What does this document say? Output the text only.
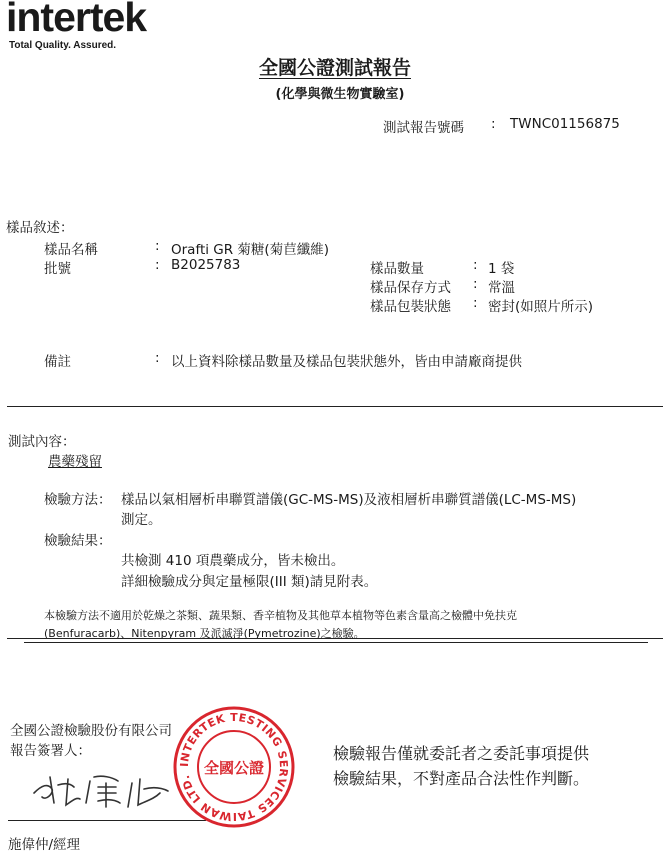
intertek
Total Quality. Assured.
全國公證測試報告
(化學與微生物實驗室)
測試報告號碼 : TWNC01156875
樣品敘述：
樣品名稱	: Orafti GR 菊糖(菊苣纖維)
批號	: B2025783	樣品數量	: 1 袋
樣品保存方式 : 常溫
樣品包裝狀態 : 密封(如照片所示)
備註	: 以上資料除樣品數量及樣品包裝狀態外，皆由申請廠商提供
測試內容：
農藥殘留
檢驗方法： 樣品以氣相層析串聯質譜儀(GC-MS-MS)及液相層析串聯質譜儀(LC-MS-MS)
測定。
檢驗結果：
共檢測 410 項農藥成分，皆未檢出。
詳細檢驗成分與定量極限(III 類)請見附表。
本檢驗方法不適用於乾燥之茶類、蔬果類、香辛植物及其他草本植物等色素含量高之檢體中免扶克
(Benfuracarb)、Nitenpyram 及派滅淨(Pymetrozine)之檢驗。
全國公證檢驗股份有限公司
報告簽署人：
施偉仲/經理
INTERTEK TESTING SERVICES TAIWAN LTD.
全國公證
檢驗報告僅就委託者之委託事項提供
檢驗結果，不對產品合法性作判斷。
